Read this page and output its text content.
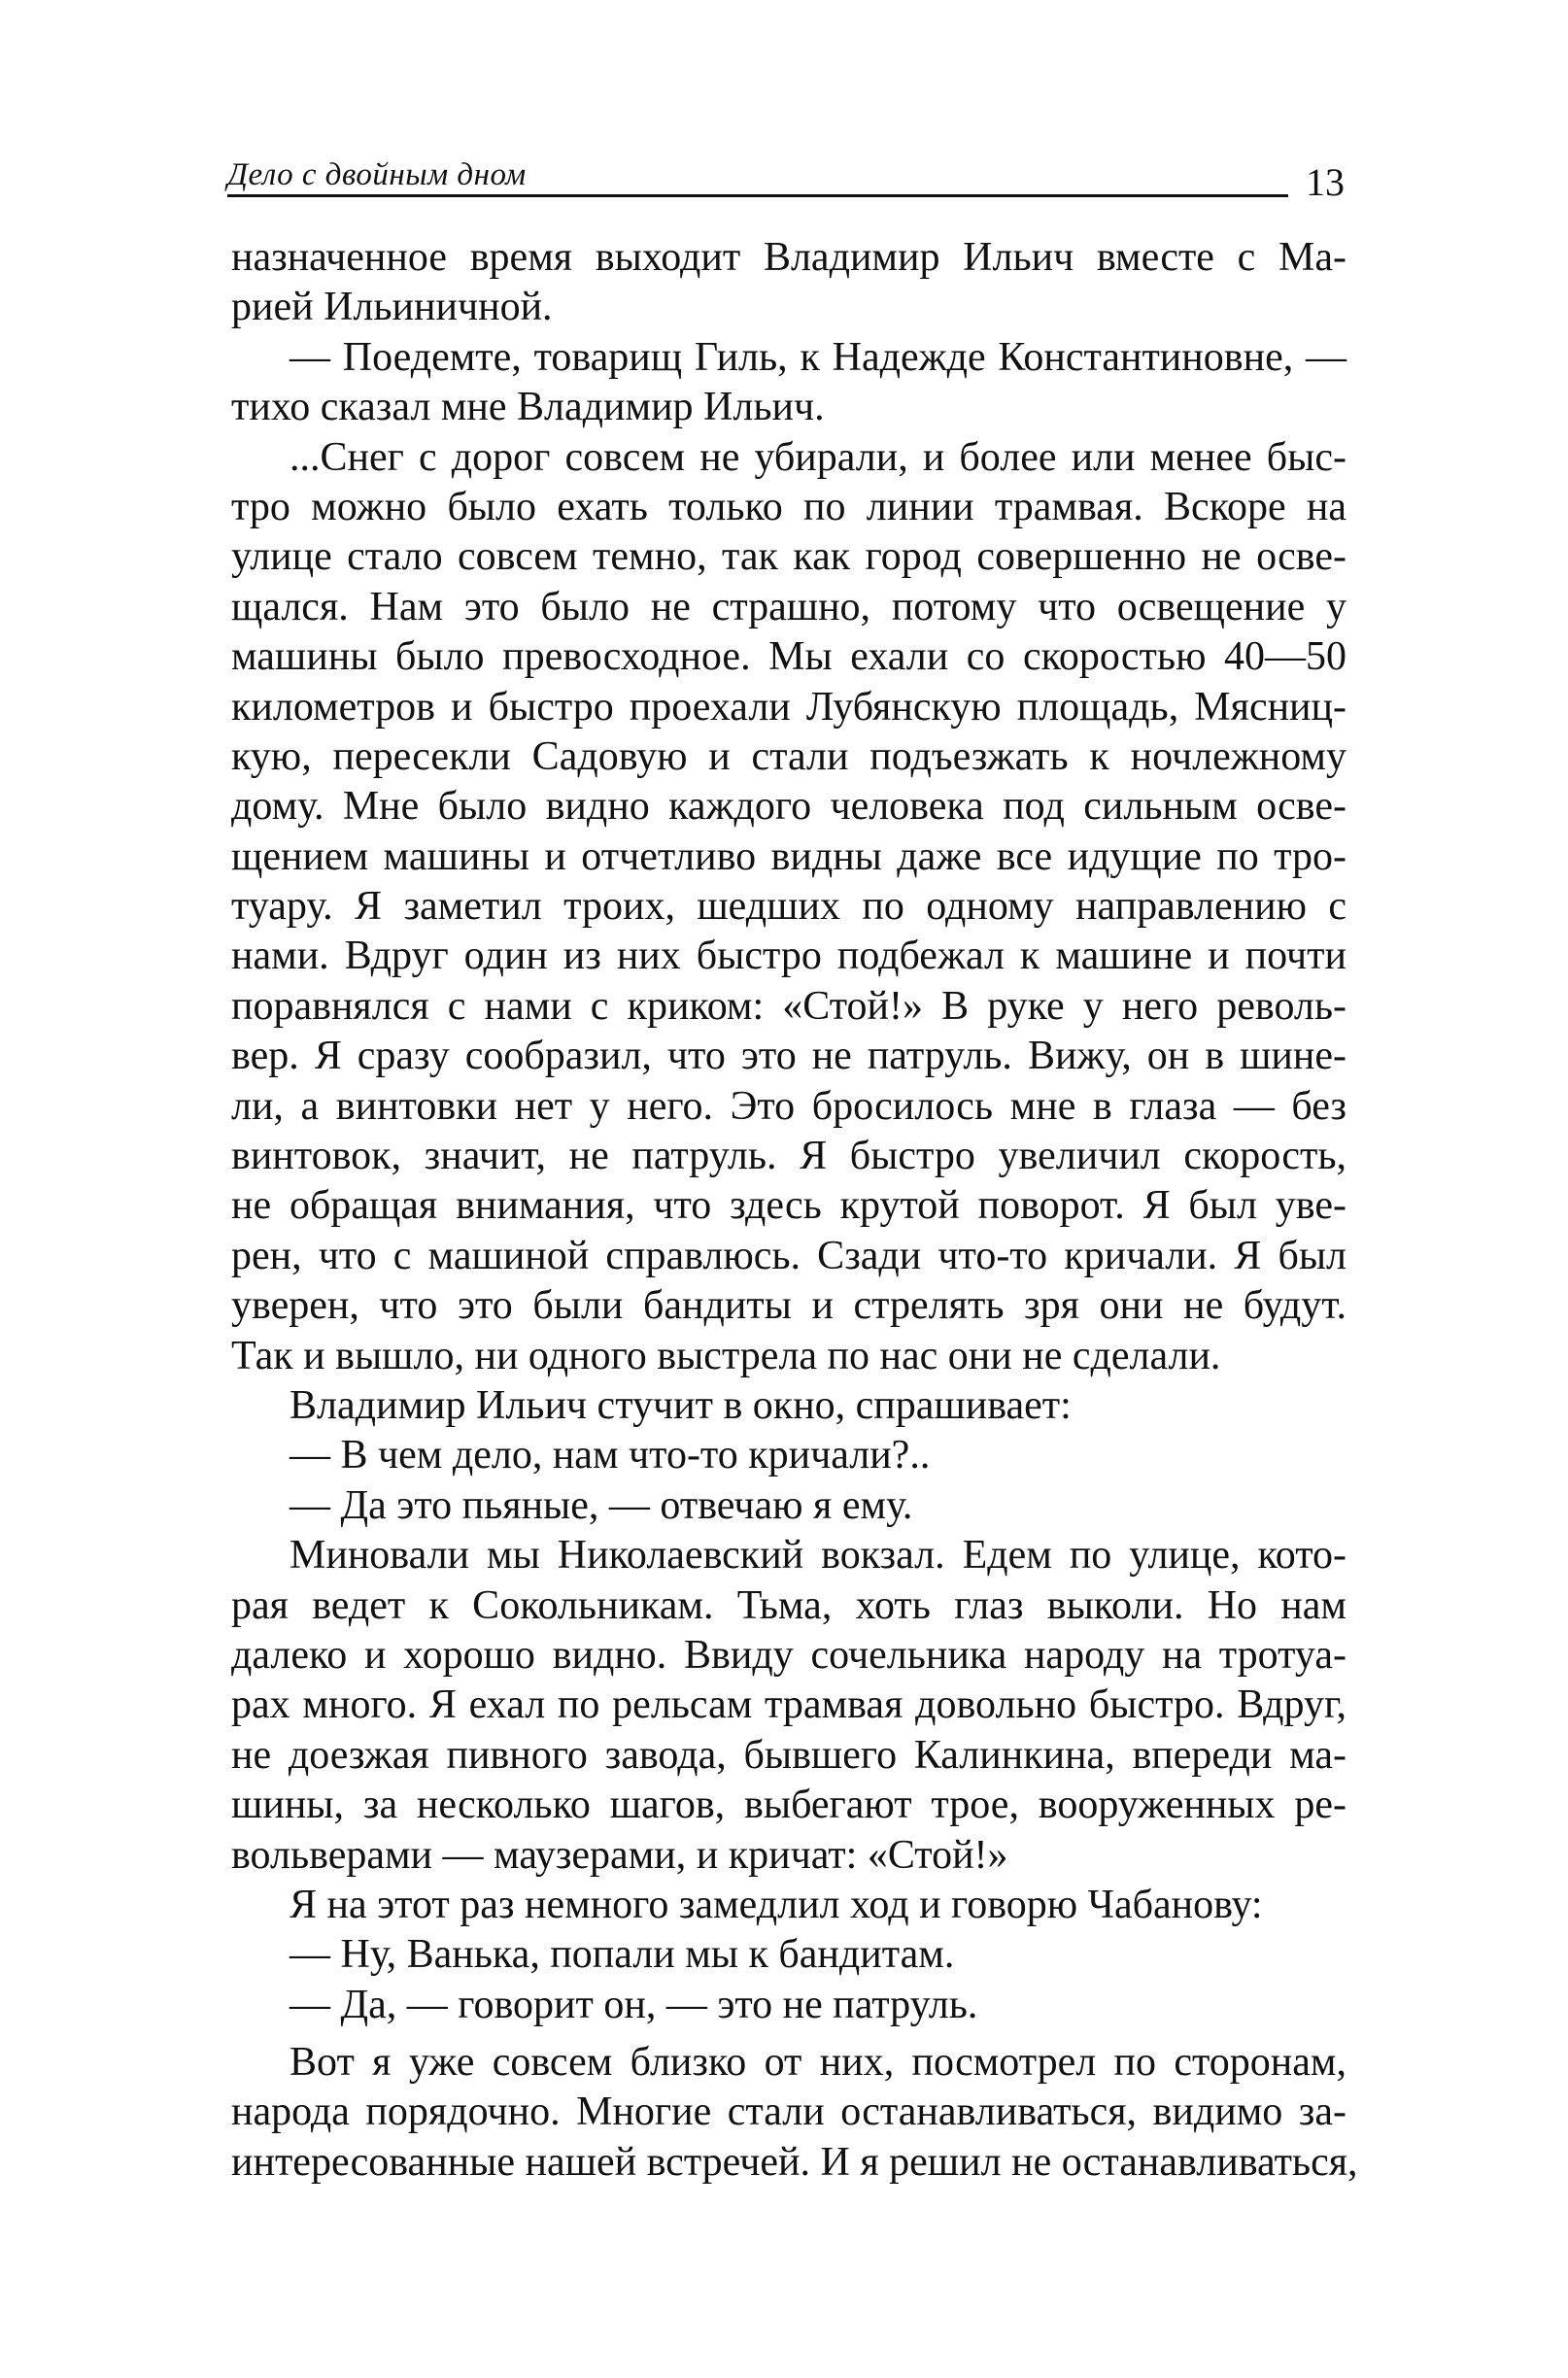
Дело с двойным дном	13
назначенное время выходит Владимир Ильич вместе с Ма-
рией Ильиничной.
— Поедемте, товарищ Гиль, к Надежде Константиновне, —
тихо сказал мне Владимир Ильич.
...Снег с дорог совсем не убирали, и более или менее быс-
тро можно было ехать только по линии трамвая. Вскоре на
улице стало совсем темно, так как город совершенно не осве-
щался. Нам это было не страшно, потому что освещение у
машины было превосходное. Мы ехали со скоростью 40—50
километров и быстро проехали Лубянскую площадь, Мясниц-
кую, пересекли Садовую и стали подъезжать к ночлежному
дому. Мне было видно каждого человека под сильным осве-
щением машины и отчетливо видны даже все идущие по тро-
туару. Я заметил троих, шедших по одному направлению с
нами. Вдруг один из них быстро подбежал к машине и почти
поравнялся с нами с криком: «Стой!» В руке у него револь-
вер. Я сразу сообразил, что это не патруль. Вижу, он в шине-
ли, а винтовки нет у него. Это бросилось мне в глаза — без
винтовок, значит, не патруль. Я быстро увеличил скорость,
не обращая внимания, что здесь крутой поворот. Я был уве-
рен, что с машиной справлюсь. Сзади что-то кричали. Я был
уверен, что это были бандиты и стрелять зря они не будут.
Так и вышло, ни одного выстрела по нас они не сделали.
Владимир Ильич стучит в окно, спрашивает:
— В чем дело, нам что-то кричали?..
— Да это пьяные, — отвечаю я ему.
Миновали мы Николаевский вокзал. Едем по улице, кото-
рая ведет к Сокольникам. Тьма, хоть глаз выколи. Но нам
далеко и хорошо видно. Ввиду сочельника народу на тротуа-
рах много. Я ехал по рельсам трамвая довольно быстро. Вдруг,
не доезжая пивного завода, бывшего Калинкина, впереди ма-
шины, за несколько шагов, выбегают трое, вооруженных ре-
вольверами — маузерами, и кричат: «Стой!»
Я на этот раз немного замедлил ход и говорю Чабанову:
— Ну, Ванька, попали мы к бандитам.
— Да, — говорит он, — это не патруль.
Вот я уже совсем близко от них, посмотрел по сторонам,
народа порядочно. Многие стали останавливаться, видимо за-
интересованные нашей встречей. И я решил не останавливаться,
